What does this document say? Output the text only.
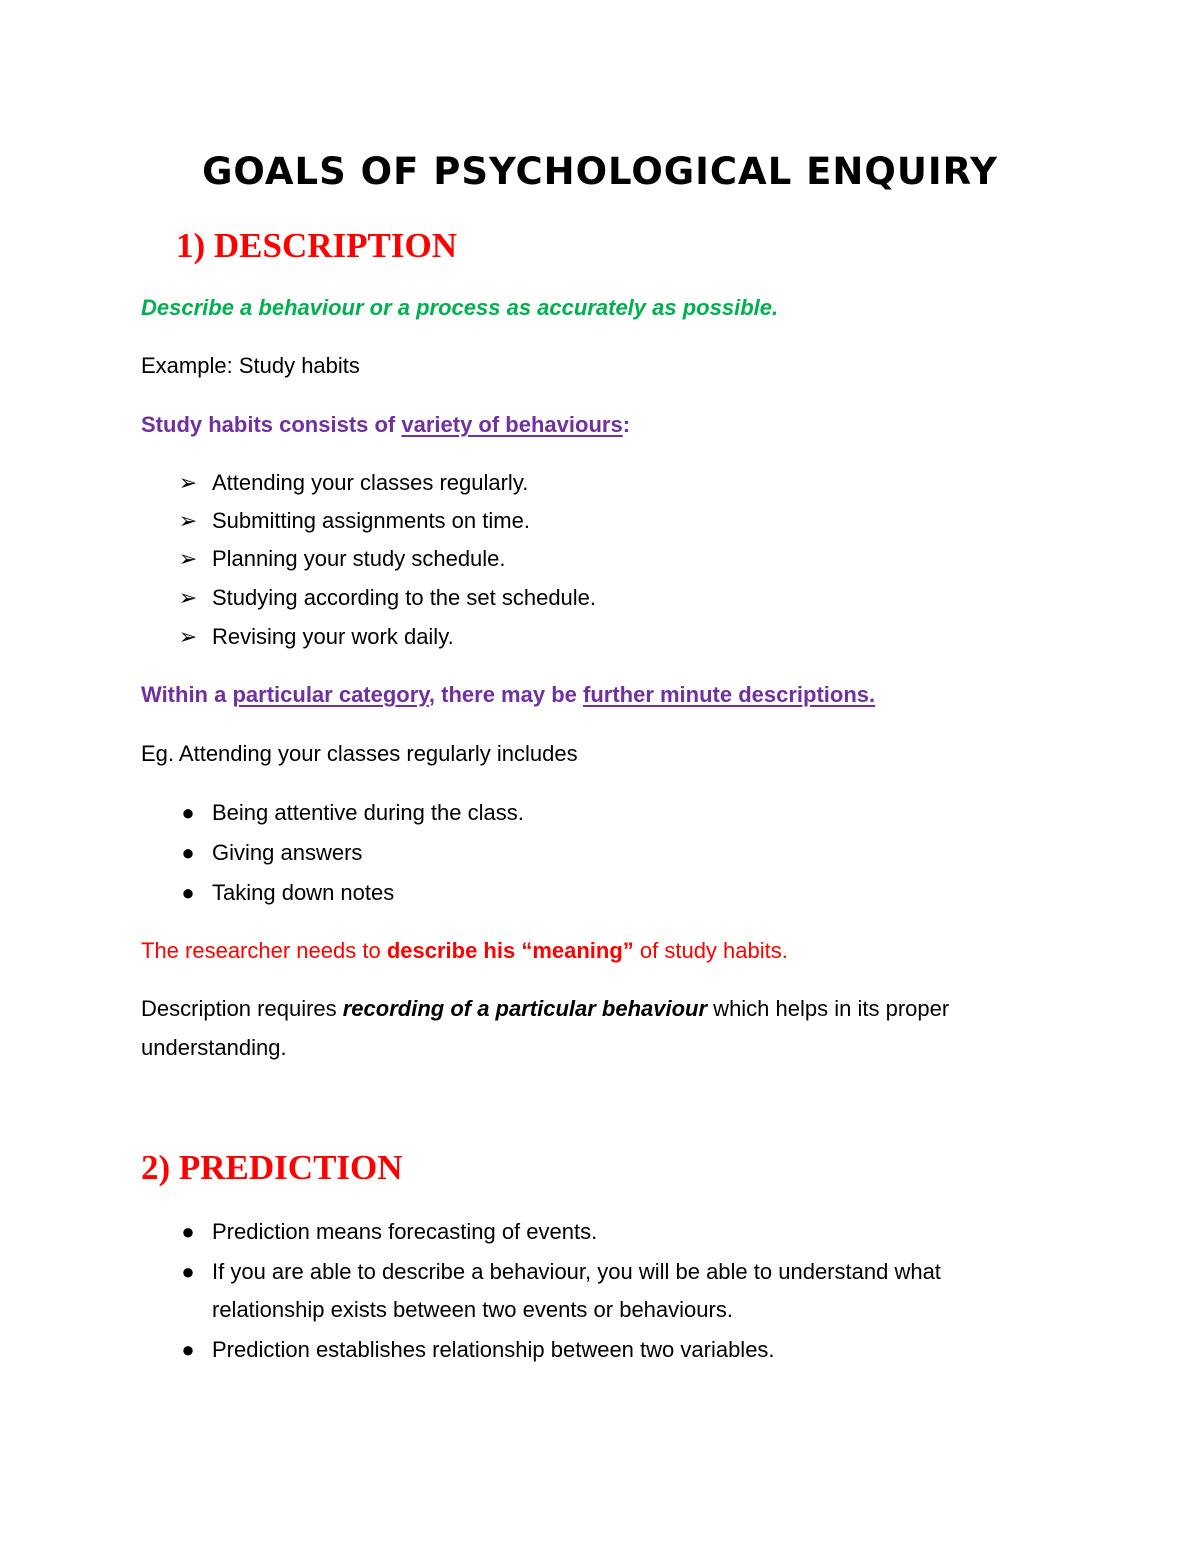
GOALS OF PSYCHOLOGICAL ENQUIRY
1) DESCRIPTION

Describe a behaviour or a process as accurately as possible.

Example: Study habits

Study habits consists of variety of behaviours:

➢ Attending your classes regularly.
➢ Submitting assignments on time.
➢ Planning your study schedule.
➢ Studying according to the set schedule.
➢ Revising your work daily.

Within a particular category, there may be further minute descriptions.

Eg. Attending your classes regularly includes

● Being attentive during the class.
● Giving answers
● Taking down notes

The researcher needs to describe his “meaning” of study habits.

Description requires recording of a particular behaviour which helps in its proper

understanding.

2) PREDICTION
● Prediction means forecasting of events.
● If you are able to describe a behaviour, you will be able to understand what
relationship exists between two events or behaviours.
● Prediction establishes relationship between two variables.
